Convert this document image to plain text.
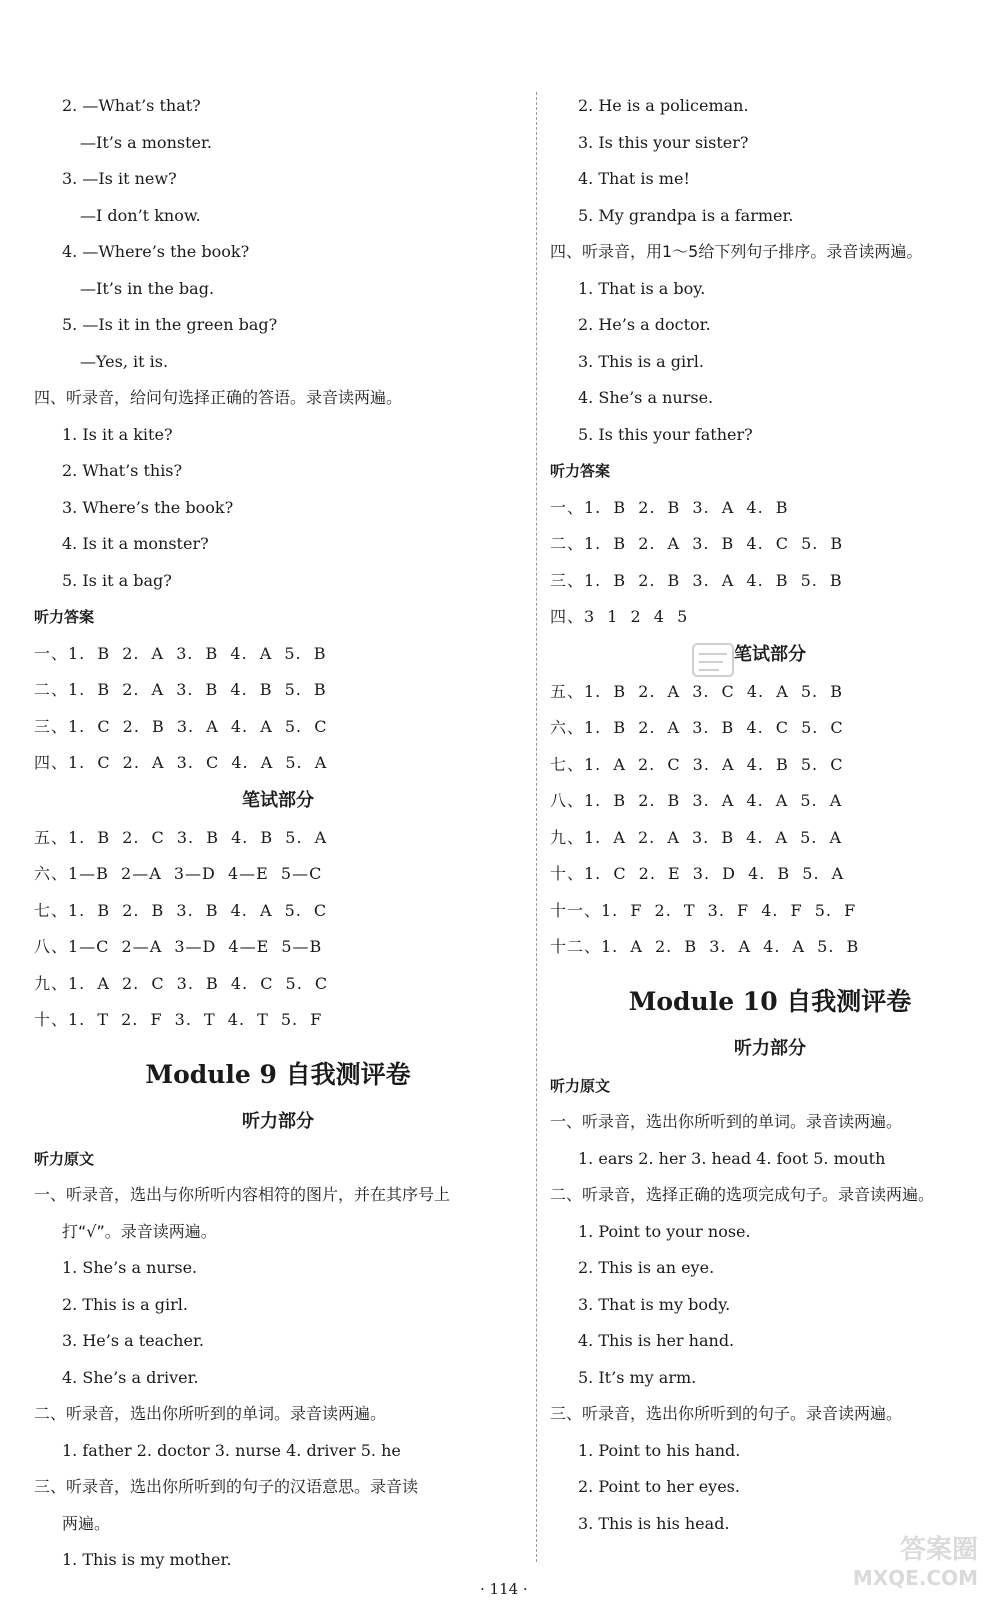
2. —What’s that?
—It’s a monster.
3. —Is it new?
—I don’t know.
4. —Where’s the book?
—It’s in the bag.
5. —Is it in the green bag?
—Yes, it is.
四、听录音，给问句选择正确的答语。录音读两遍。
1. Is it a kite?
2. What’s this?
3. Where’s the book?
4. Is it a monster?
5. Is it a bag?
听力答案
一、1. B 2. A 3. B 4. A 5. B
二、1. B 2. A 3. B 4. B 5. B
三、1. C 2. B 3. A 4. A 5. C
四、1. C 2. A 3. C 4. A 5. A
笔试部分
五、1. B 2. C 3. B 4. B 5. A
六、1—B 2—A 3—D 4—E 5—C
七、1. B 2. B 3. B 4. A 5. C
八、1—C 2—A 3—D 4—E 5—B
九、1. A 2. C 3. B 4. C 5. C
十、1. T 2. F 3. T 4. T 5. F
Module 9 自我测评卷
听力部分
听力原文
一、听录音，选出与你所听内容相符的图片，并在其序号上
打“√”。录音读两遍。
1. She’s a nurse.
2. This is a girl.
3. He’s a teacher.
4. She’s a driver.
二、听录音，选出你所听到的单词。录音读两遍。
1. father 2. doctor 3. nurse 4. driver 5. he
三、听录音，选出你所听到的句子的汉语意思。录音读
两遍。
1. This is my mother.
2. He is a policeman.
3. Is this your sister?
4. That is me!
5. My grandpa is a farmer.
四、听录音，用1～5给下列句子排序。录音读两遍。
1. That is a boy.
2. He’s a doctor.
3. This is a girl.
4. She’s a nurse.
5. Is this your father?
听力答案
一、1. B 2. B 3. A 4. B
二、1. B 2. A 3. B 4. C 5. B
三、1. B 2. B 3. A 4. B 5. B
四、3 1 2 4 5
笔试部分
五、1. B 2. A 3. C 4. A 5. B
六、1. B 2. A 3. B 4. C 5. C
七、1. A 2. C 3. A 4. B 5. C
八、1. B 2. B 3. A 4. A 5. A
九、1. A 2. A 3. B 4. A 5. A
十、1. C 2. E 3. D 4. B 5. A
十一、1. F 2. T 3. F 4. F 5. F
十二、1. A 2. B 3. A 4. A 5. B
Module 10 自我测评卷
听力部分
听力原文
一、听录音，选出你所听到的单词。录音读两遍。
1. ears 2. her 3. head 4. foot 5. mouth
二、听录音，选择正确的选项完成句子。录音读两遍。
1. Point to your nose.
2. This is an eye.
3. That is my body.
4. This is her hand.
5. It’s my arm.
三、听录音，选出你所听到的句子。录音读两遍。
1. Point to his hand.
2. Point to her eyes.
3. This is his head.
· 114 ·
答案圈
MXQE.COM
